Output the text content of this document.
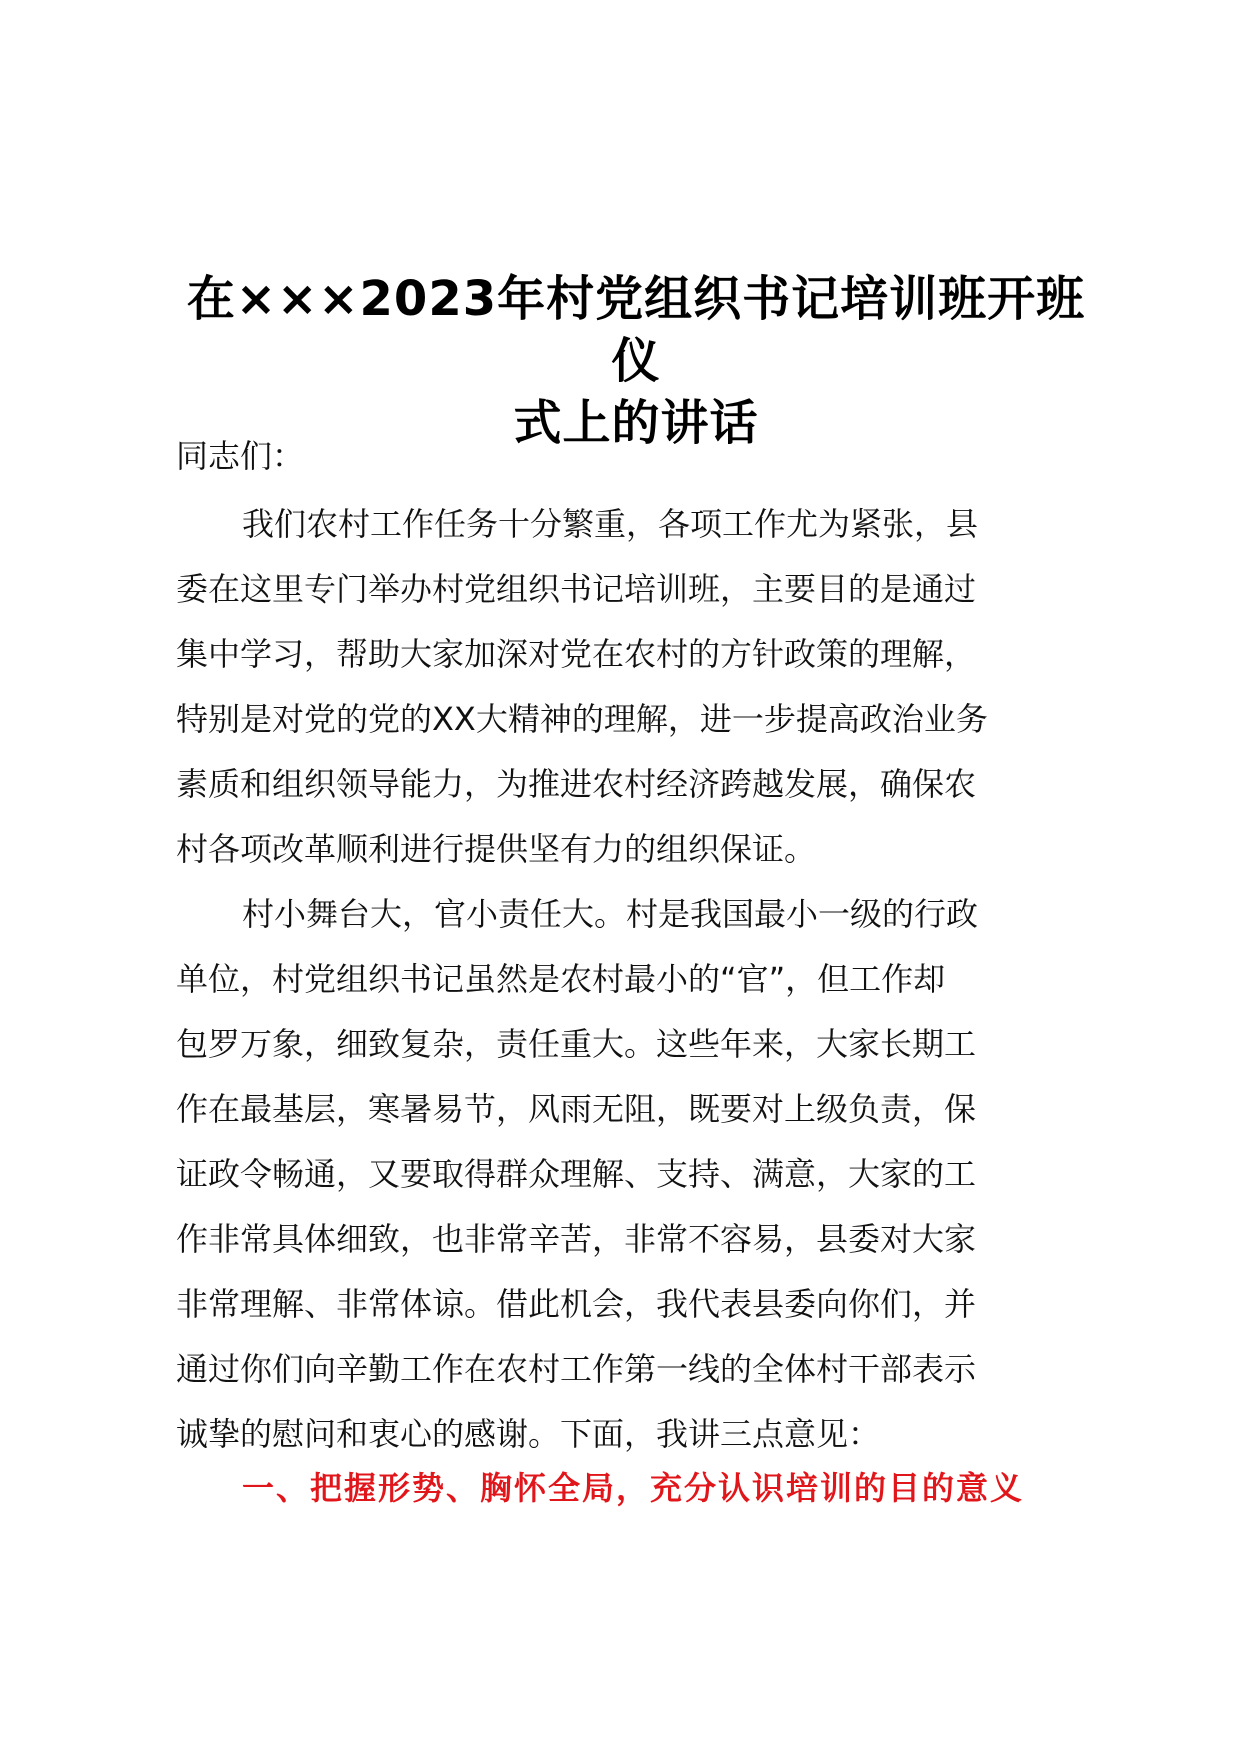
在×××2023年村党组织书记培训班开班仪
式上的讲话
同志们：
我们农村工作任务十分繁重，各项工作尤为紧张，县
委在这里专门举办村党组织书记培训班，主要目的是通过
集中学习，帮助大家加深对党在农村的方针政策的理解，
特别是对党的党的XX大精神的理解，进一步提高政治业务
素质和组织领导能力，为推进农村经济跨越发展，确保农
村各项改革顺利进行提供坚有力的组织保证。
村小舞台大，官小责任大。村是我国最小一级的行政
单位，村党组织书记虽然是农村最小的“官”，但工作却
包罗万象，细致复杂，责任重大。这些年来，大家长期工
作在最基层，寒暑易节，风雨无阻，既要对上级负责，保
证政令畅通，又要取得群众理解、支持、满意，大家的工
作非常具体细致，也非常辛苦，非常不容易，县委对大家
非常理解、非常体谅。借此机会，我代表县委向你们，并
通过你们向辛勤工作在农村工作第一线的全体村干部表示
诚挚的慰问和衷心的感谢。下面，我讲三点意见：
一、把握形势、胸怀全局，充分认识培训的目的意义
